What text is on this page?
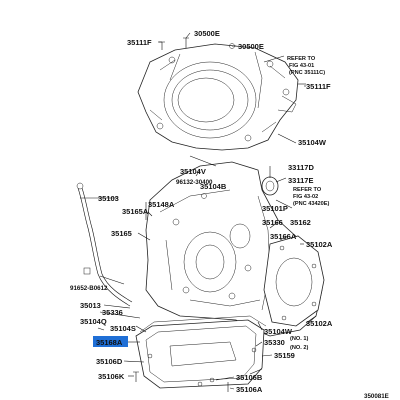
30500E
30500E
35111F
35111F
35104W
REFER TO
FIG 43-01
(PNC 35111C)
35104V
96132-30400
35104B
33117D
33117E
REFER TO
FIG 43-02
(PNC 43420E)
35103
35148A
35165A
35165
35101P
35166 35162
35166A
35102A
91652-B0612
35013
35336
35104Q
35104S	35104W
35102A
35168A	35330 (NO. 1)
(NO. 2)
35106D
35159
35106K	35106B
35106A
350081E
